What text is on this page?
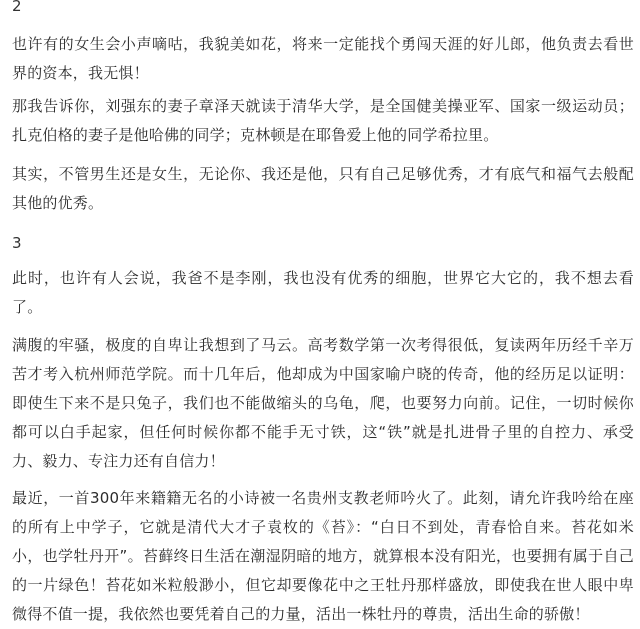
2

也许有的女生会小声嘀咕，我貌美如花，将来一定能找个勇闯天涯的好儿郎，他负责去看世界的资本，我无惧！

那我告诉你，刘强东的妻子章泽天就读于清华大学，是全国健美操亚军、国家一级运动员；扎克伯格的妻子是他哈佛的同学；克林顿是在耶鲁爱上他的同学希拉里。

其实，不管男生还是女生，无论你、我还是他，只有自己足够优秀，才有底气和福气去般配其他的优秀。

3

此时，也许有人会说，我爸不是李刚，我也没有优秀的细胞，世界它大它的，我不想去看了。

满腹的牢骚，极度的自卑让我想到了马云。高考数学第一次考得很低，复读两年历经千辛万苦才考入杭州师范学院。而十几年后，他却成为中国家喻户晓的传奇，他的经历足以证明：即使生下来不是只兔子，我们也不能做缩头的乌龟，爬，也要努力向前。记住，一切时候你都可以白手起家，但任何时候你都不能手无寸铁，这“铁”就是扎进骨子里的自控力、承受力、毅力、专注力还有自信力！

最近，一首300年来籍籍无名的小诗被一名贵州支教老师吟火了。此刻，请允许我吟给在座的所有上中学子，它就是清代大才子袁枚的《苔》：“白日不到处，青春恰自来。苔花如米小，也学牡丹开”。苔藓终日生活在潮湿阴暗的地方，就算根本没有阳光，也要拥有属于自己的一片绿色！苔花如米粒般渺小，但它却要像花中之王牡丹那样盛放，即使我在世人眼中卑微得不值一提，我依然也要凭着自己的力量，活出一株牡丹的尊贵，活出生命的骄傲！
